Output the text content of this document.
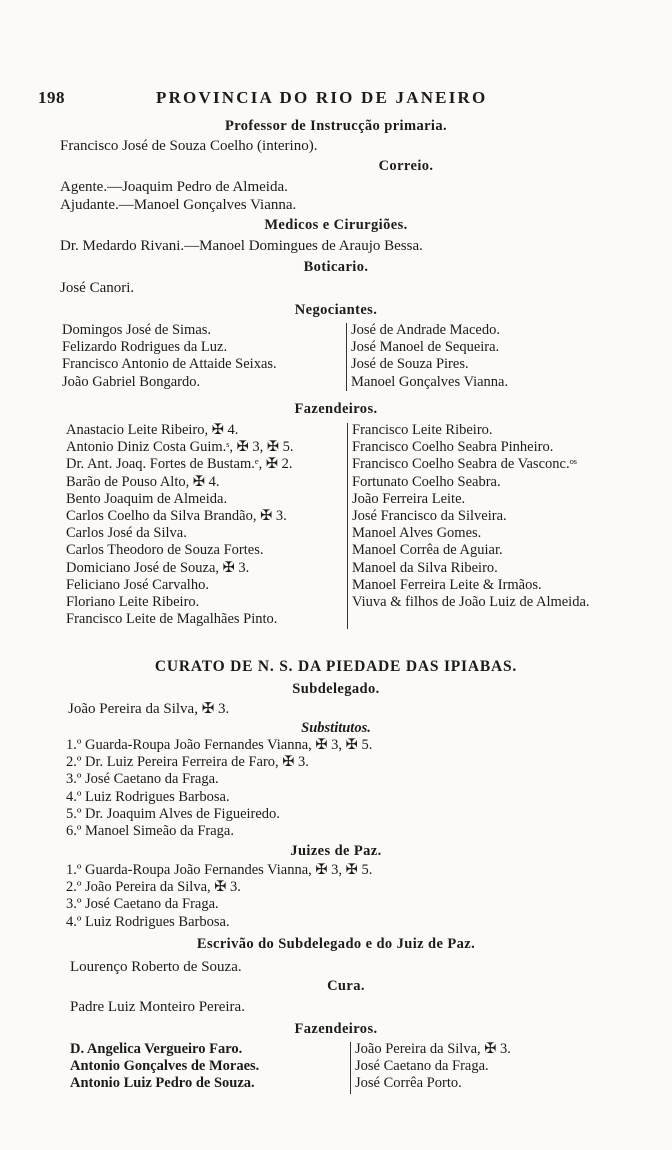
198	PROVINCIA DO RIO DE JANEIRO
Professor de Instrucção primaria.
Francisco José de Souza Coelho (interino).
Correio.
Agente.—Joaquim Pedro de Almeida.
Ajudante.—Manoel Gonçalves Vianna.
Medicos e Cirurgiões.
Dr. Medardo Rivani.—Manoel Domingues de Araujo Bessa.
Boticario.
José Canori.
Negociantes.
Domingos José de Simas.
Felizardo Rodrigues da Luz.
Francisco Antonio de Attaide Seixas.
João Gabriel Bongardo.
José de Andrade Macedo.
José Manoel de Sequeira.
José de Souza Pires.
Manoel Gonçalves Vianna.
Fazendeiros.
Anastacio Leite Ribeiro, ✠ 4.
Antonio Diniz Costa Guim.ˢ, ✠ 3, ✠ 5.
Dr. Ant. Joaq. Fortes de Bustam.ᵉ, ✠ 2.
Barão de Pouso Alto, ✠ 4.
Bento Joaquim de Almeida.
Carlos Coelho da Silva Brandão, ✠ 3.
Carlos José da Silva.
Carlos Theodoro de Souza Fortes.
Domiciano José de Souza, ✠ 3.
Feliciano José Carvalho.
Floriano Leite Ribeiro.
Francisco Leite de Magalhães Pinto.
Francisco Leite Ribeiro.
Francisco Coelho Seabra Pinheiro.
Francisco Coelho Seabra de Vasconc.ᵒˢ
Fortunato Coelho Seabra.
João Ferreira Leite.
José Francisco da Silveira.
Manoel Alves Gomes.
Manoel Corrêa de Aguiar.
Manoel da Silva Ribeiro.
Manoel Ferreira Leite & Irmãos.
Viuva & filhos de João Luiz de Almeida.
CURATO DE N. S. DA PIEDADE DAS IPIABAS.
Subdelegado.
João Pereira da Silva, ✠ 3.
Substitutos.
1.º Guarda-Roupa João Fernandes Vianna, ✠ 3, ✠ 5.
2.º Dr. Luiz Pereira Ferreira de Faro, ✠ 3.
3.º José Caetano da Fraga.
4.º Luiz Rodrigues Barbosa.
5.º Dr. Joaquim Alves de Figueiredo.
6.º Manoel Simeão da Fraga.
Juizes de Paz.
1.º Guarda-Roupa João Fernandes Vianna, ✠ 3, ✠ 5.
2.º João Pereira da Silva, ✠ 3.
3.º José Caetano da Fraga.
4.º Luiz Rodrigues Barbosa.
Escrivão do Subdelegado e do Juiz de Paz.
Lourenço Roberto de Souza.
Cura.
Padre Luiz Monteiro Pereira.
Fazendeiros.
D. Angelica Vergueiro Faro.
Antonio Gonçalves de Moraes.
Antonio Luiz Pedro de Souza.
João Pereira da Silva, ✠ 3.
José Caetano da Fraga.
José Corrêa Porto.
